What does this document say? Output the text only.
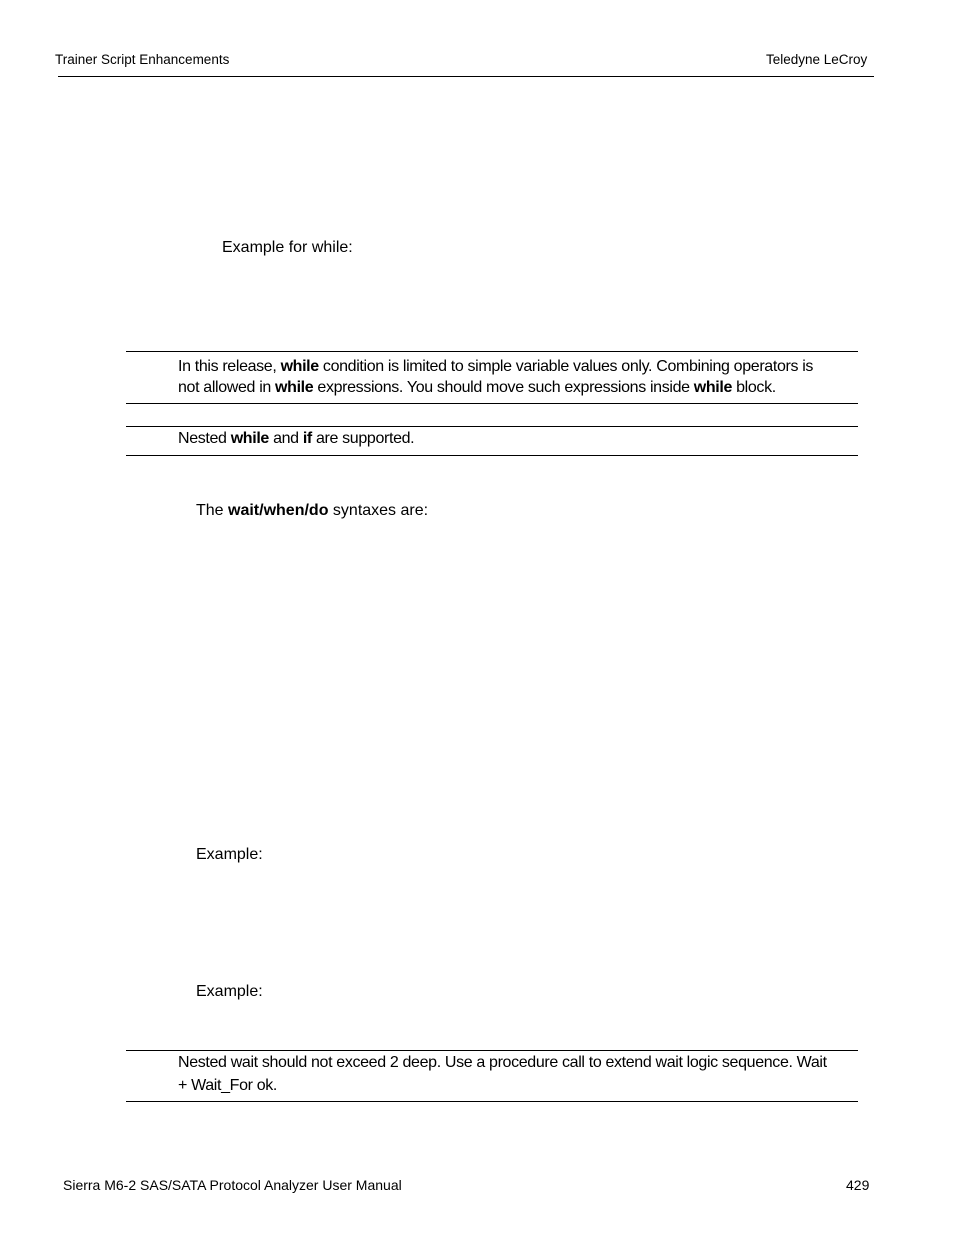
Trainer Script Enhancements	Teledyne LeCroy
Example for while:
In this release, while condition is limited to simple variable values only. Combining operators is
not allowed in while expressions. You should move such expressions inside while block.
Nested while and if are supported.
The wait/when/do syntaxes are:
Example:
Example:
Nested wait should not exceed 2 deep. Use a procedure call to extend wait logic sequence. Wait
+ Wait_For ok.
Sierra M6-2 SAS/SATA Protocol Analyzer User Manual	429
